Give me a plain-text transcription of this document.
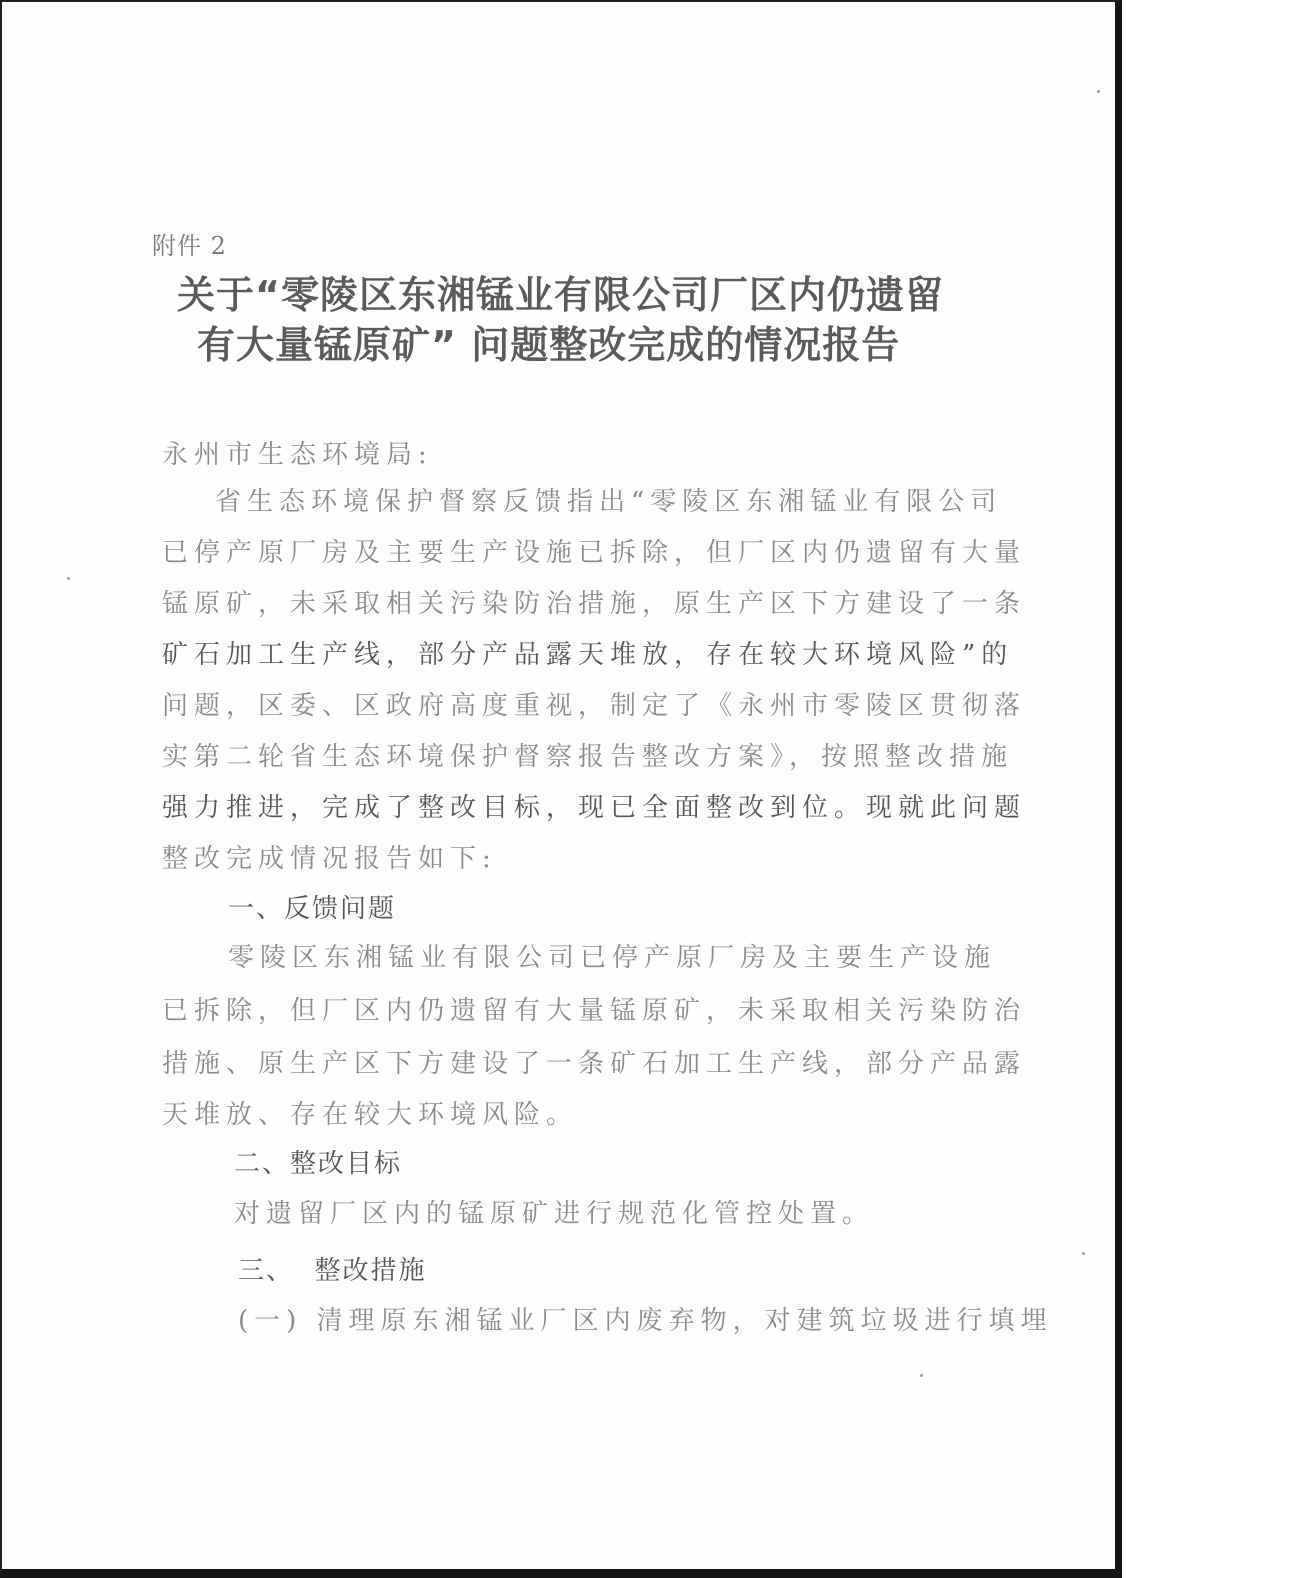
附件 2
关于“零陵区东湘锰业有限公司厂区内仍遗留
有大量锰原矿” 问题整改完成的情况报告
永州市生态环境局:
省生态环境保护督察反馈指出“零陵区东湘锰业有限公司
已停产原厂房及主要生产设施已拆除，但厂区内仍遗留有大量
锰原矿，未采取相关污染防治措施，原生产区下方建设了一条
矿石加工生产线，部分产品露天堆放，存在较大环境风险”的
问题，区委、区政府高度重视，制定了《永州市零陵区贯彻落
实第二轮省生态环境保护督察报告整改方案》，按照整改措施
强力推进，完成了整改目标，现已全面整改到位。现就此问题
整改完成情况报告如下:
一、反馈问题
零陵区东湘锰业有限公司已停产原厂房及主要生产设施
已拆除，但厂区内仍遗留有大量锰原矿，未采取相关污染防治
措施、原生产区下方建设了一条矿石加工生产线，部分产品露
天堆放、存在较大环境风险。
二、整改目标
对遗留厂区内的锰原矿进行规范化管控处置。
三、  整改措施
(一) 清理原东湘锰业厂区内废弃物，对建筑垃圾进行填埋
